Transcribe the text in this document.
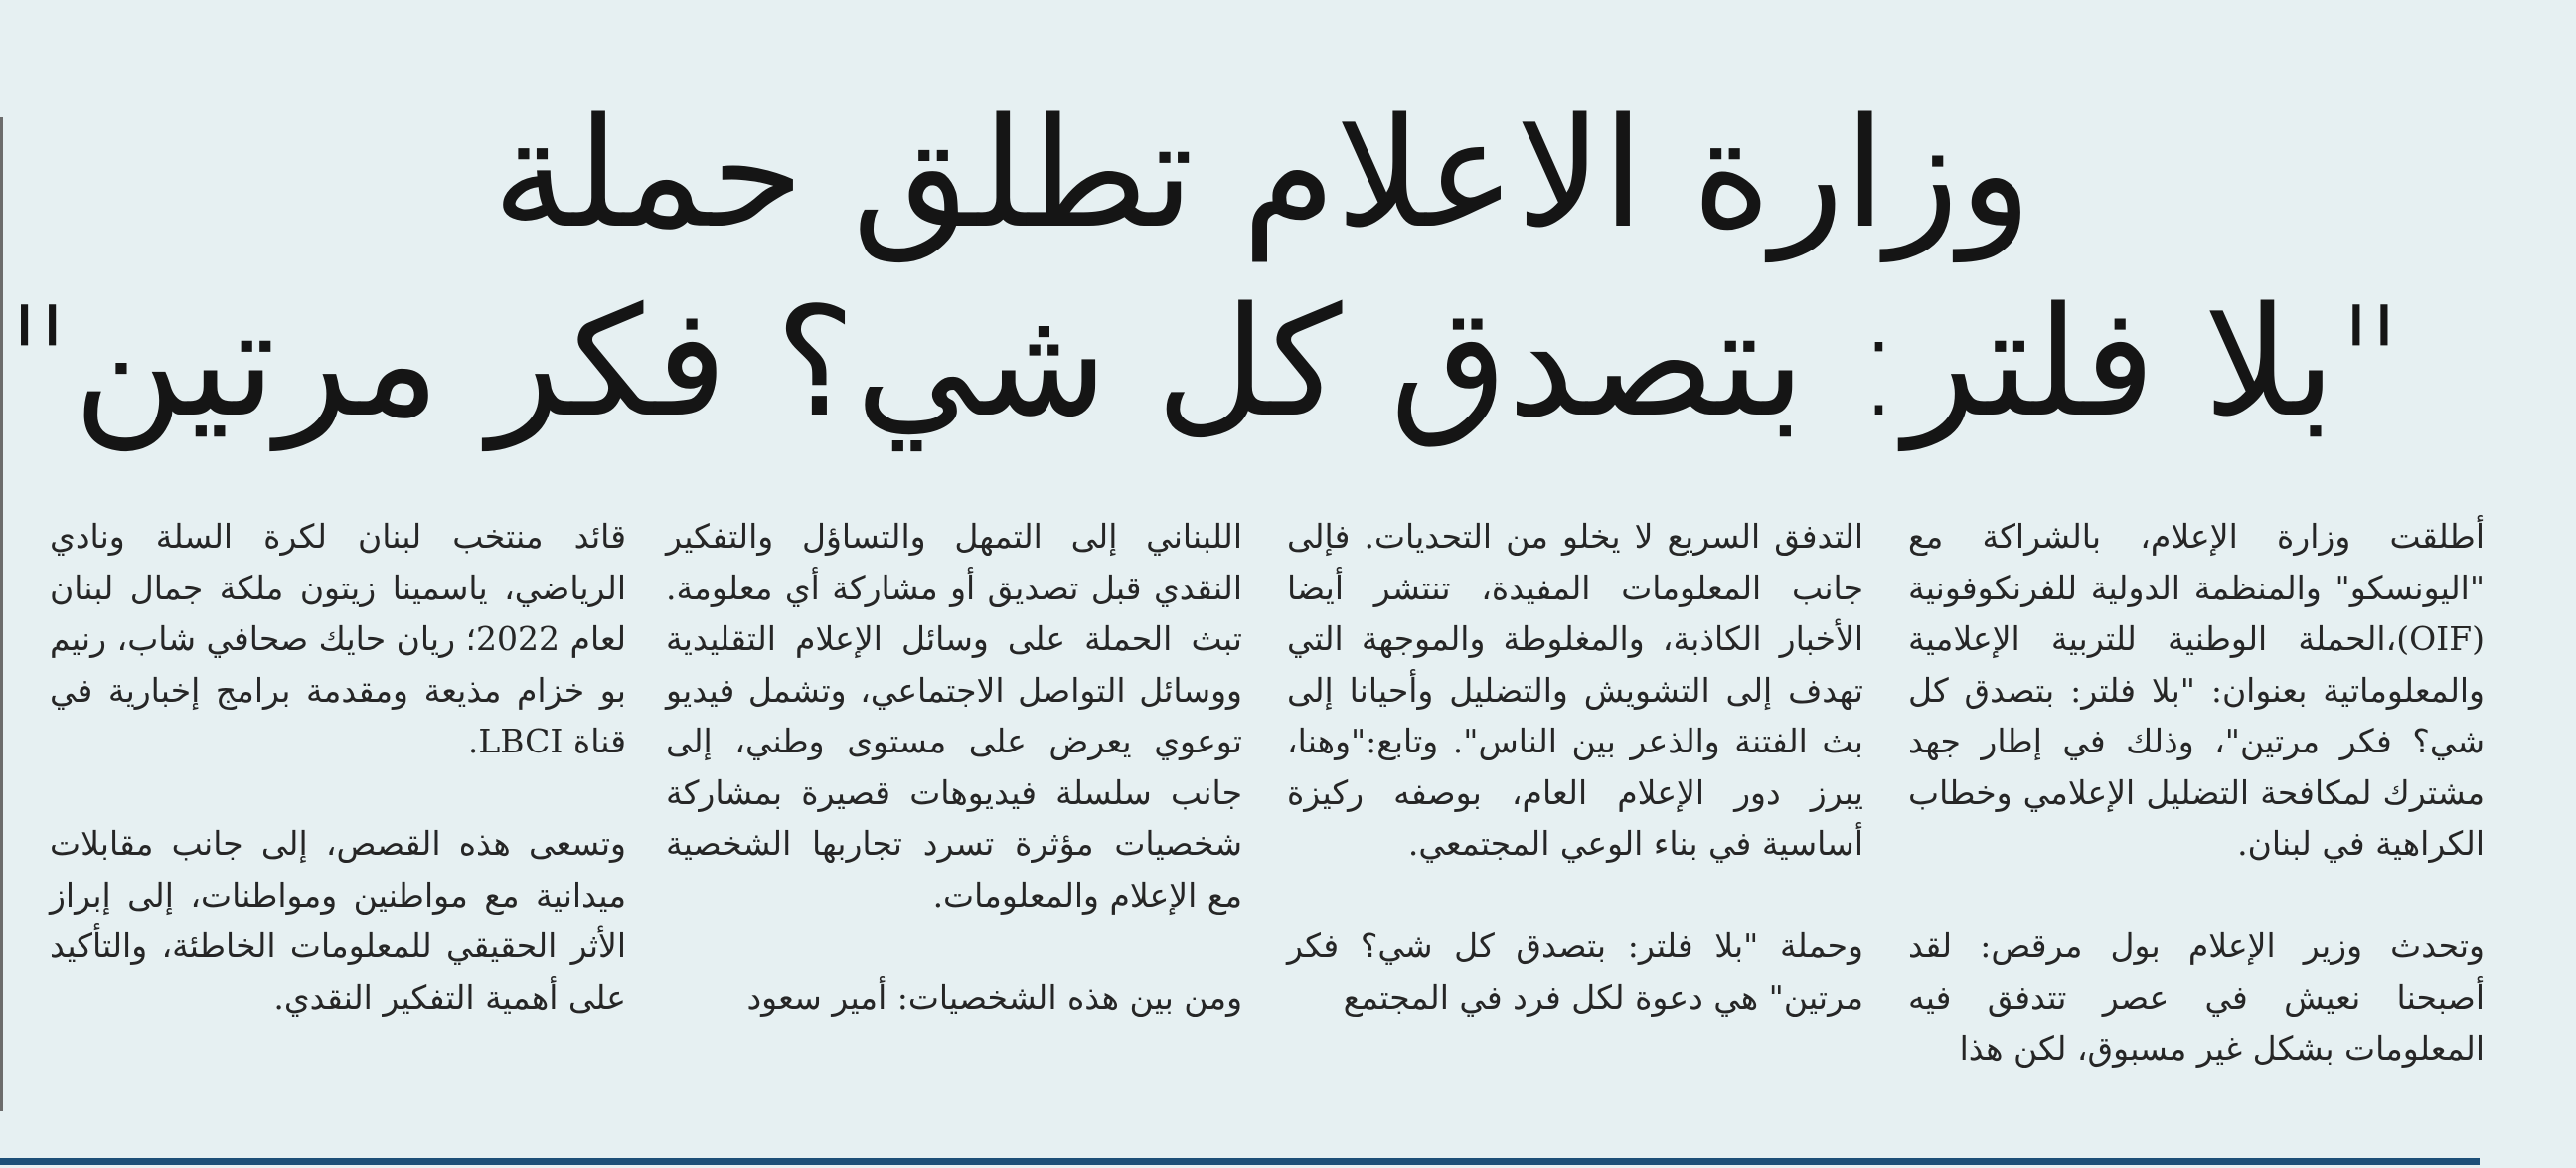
وزارة الاعلام تطلق حملة
"بلا فلتر: بتصدق كل شي؟ فكر مرتين"

أطلقت وزارة الإعلام، بالشراكة مع "اليونسكو" والمنظمة الدولية للفرنكوفونية (OIF)،الحملة الوطنية للتربية الإعلامية والمعلوماتية بعنوان: "بلا فلتر: بتصدق كل شي؟ فكر مرتين"، وذلك في إطار جهد مشترك لمكافحة التضليل الإعلامي وخطاب الكراهية في لبنان.

وتحدث وزير الإعلام بول مرقص: لقد أصبحنا نعيش في عصر تتدفق فيه المعلومات بشكل غير مسبوق، لكن هذا

التدفق السريع لا يخلو من التحديات. فإلى جانب المعلومات المفيدة، تنتشر أيضا الأخبار الكاذبة، والمغلوطة والموجهة التي تهدف إلى التشويش والتضليل وأحيانا إلى بث الفتنة والذعر بين الناس". وتابع:"وهنا، يبرز دور الإعلام العام، بوصفه ركيزة أساسية في بناء الوعي المجتمعي.

وحملة "بلا فلتر: بتصدق كل شي؟ فكر مرتين" هي دعوة لكل فرد في المجتمع

اللبناني إلى التمهل والتساؤل والتفكير النقدي قبل تصديق أو مشاركة أي معلومة. تبث الحملة على وسائل الإعلام التقليدية ووسائل التواصل الاجتماعي، وتشمل فيديو توعوي يعرض على مستوى وطني، إلى جانب سلسلة فيديوهات قصيرة بمشاركة شخصيات مؤثرة تسرد تجاربها الشخصية مع الإعلام والمعلومات.

ومن بين هذه الشخصيات: أمير سعود

قائد منتخب لبنان لكرة السلة ونادي الرياضي، ياسمينا زيتون ملكة جمال لبنان لعام 2022؛ ريان حايك صحافي شاب، رنيم بو خزام مذيعة ومقدمة برامج إخبارية في قناة LBCI.

وتسعى هذه القصص، إلى جانب مقابلات ميدانية مع مواطنين ومواطنات، إلى إبراز الأثر الحقيقي للمعلومات الخاطئة، والتأكيد على أهمية التفكير النقدي.
